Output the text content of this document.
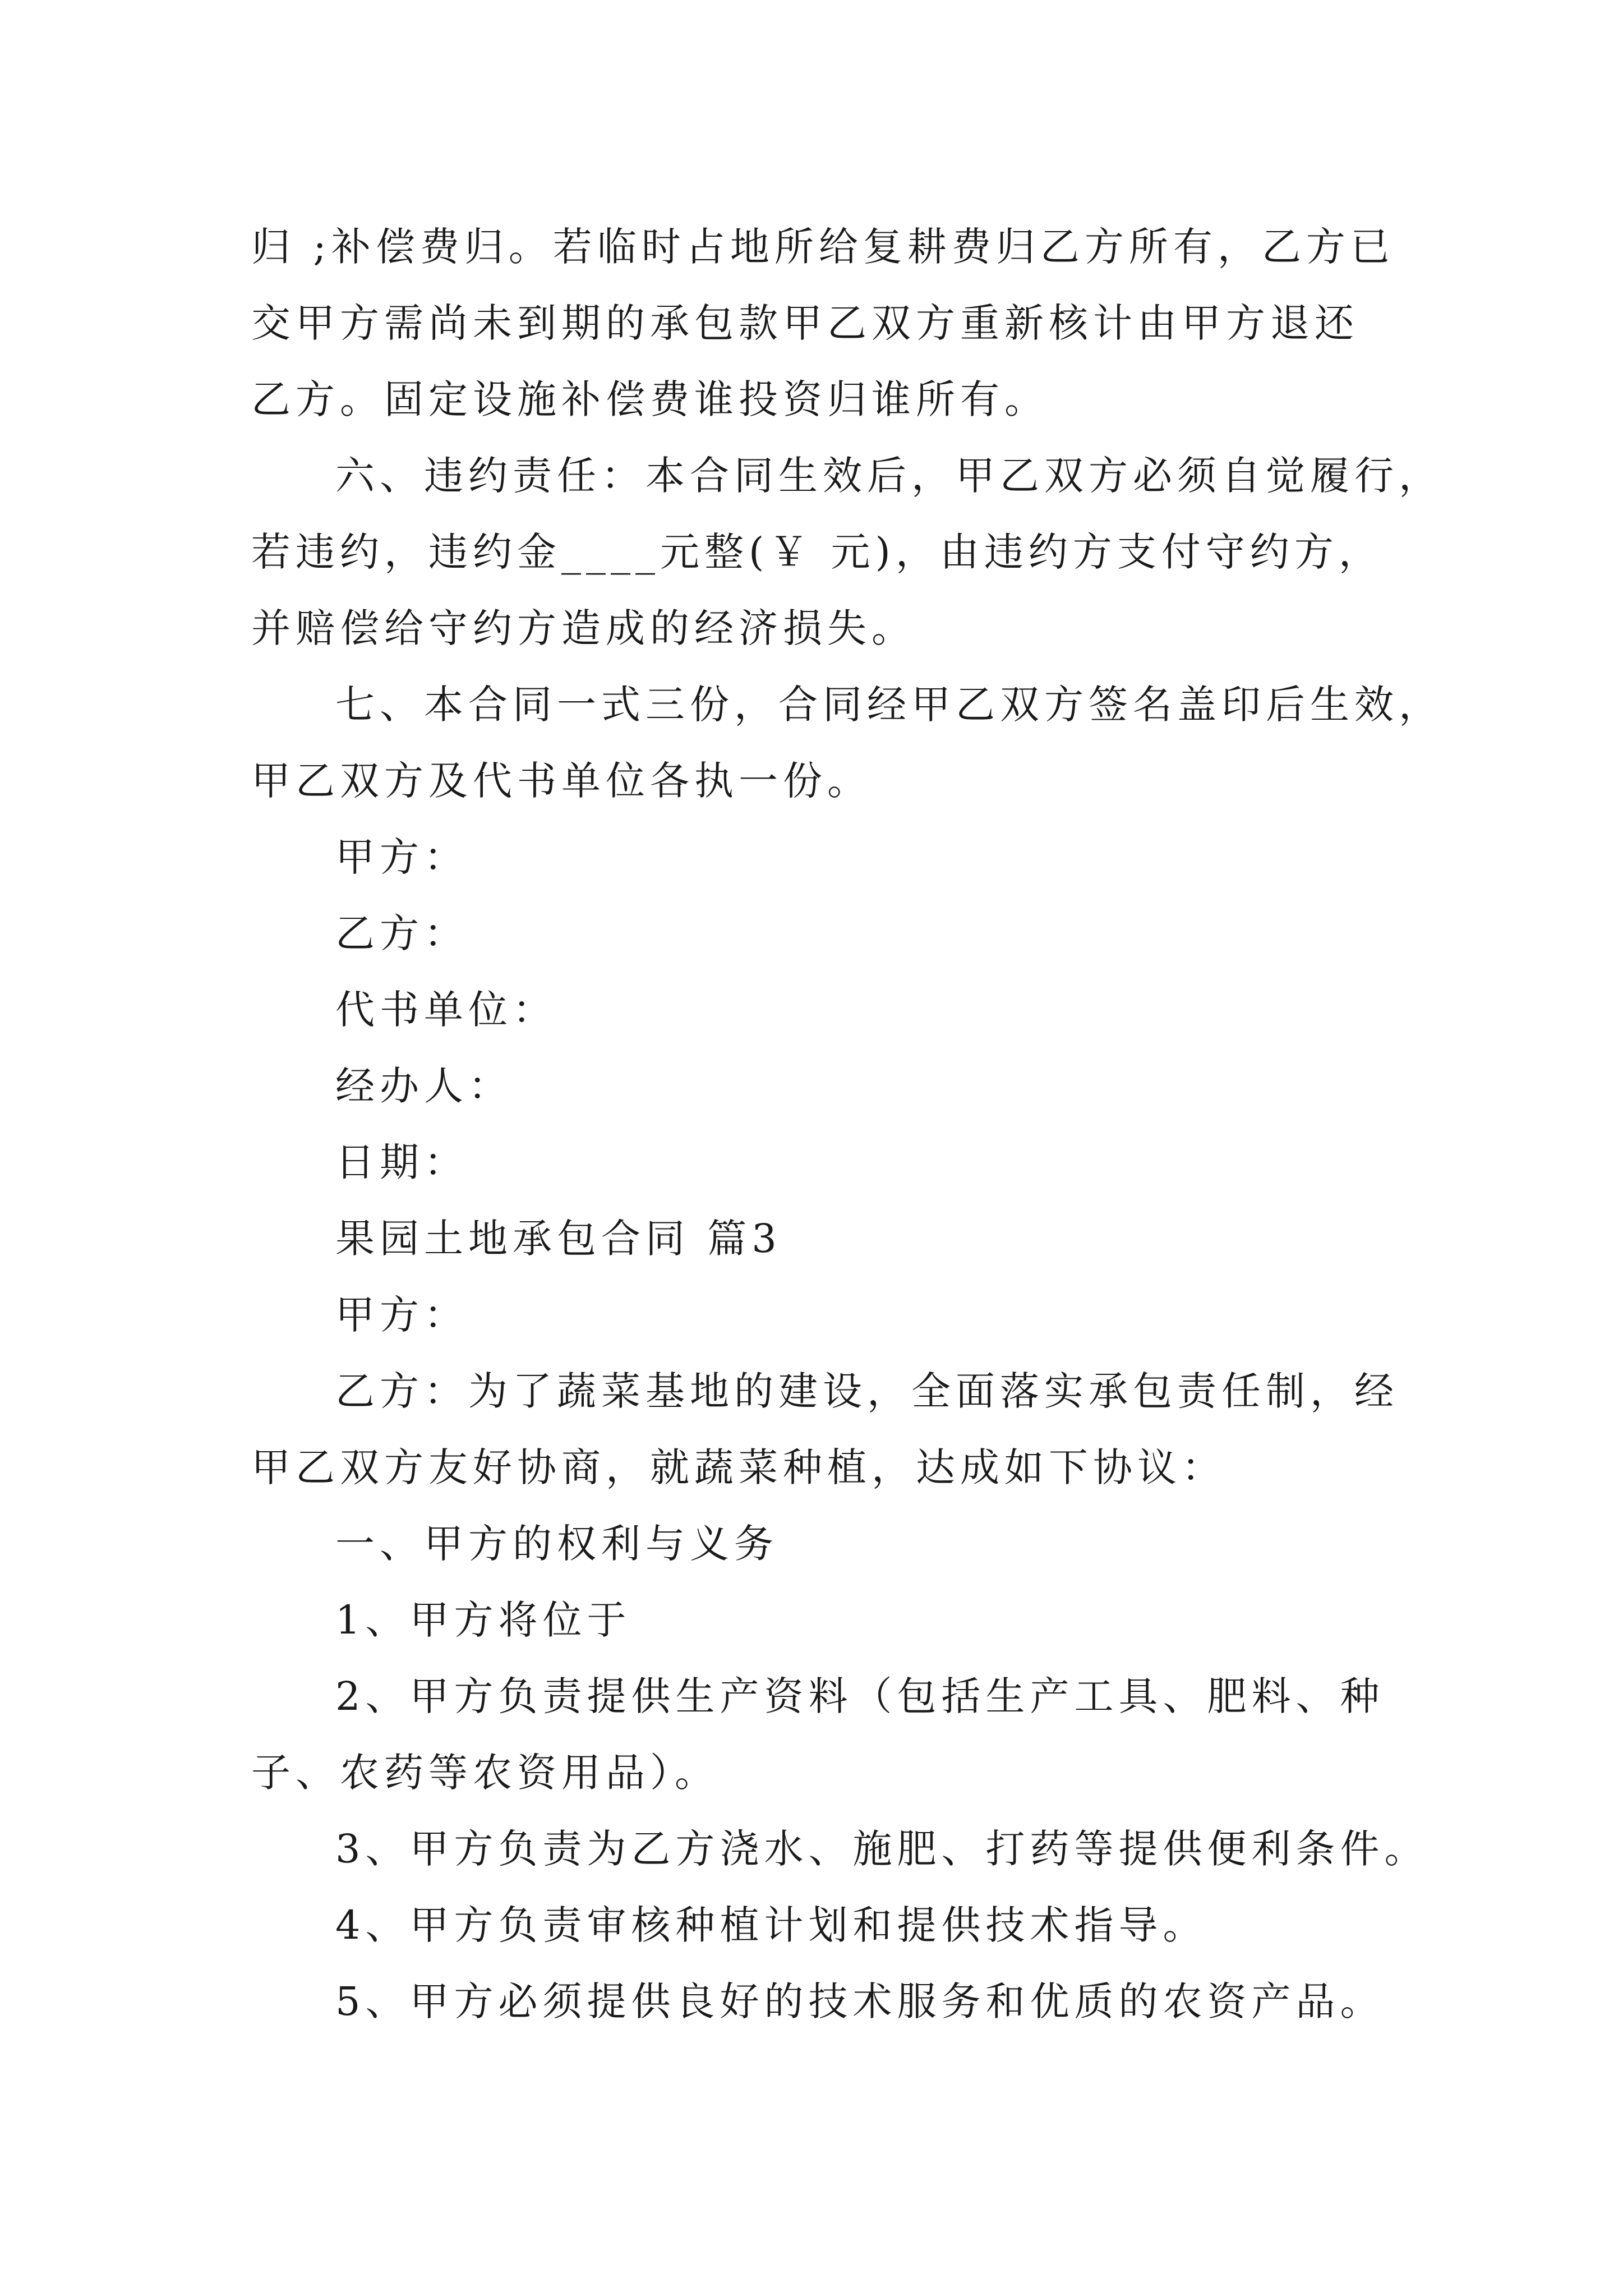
归 ;补偿费归。若临时占地所给复耕费归乙方所有，乙方已
交甲方需尚未到期的承包款甲乙双方重新核计由甲方退还
乙方。固定设施补偿费谁投资归谁所有。
六、违约责任：本合同生效后，甲乙双方必须自觉履行，
若违约，违约金____元整(￥ 元)，由违约方支付守约方，
并赔偿给守约方造成的经济损失。
七、本合同一式三份，合同经甲乙双方签名盖印后生效，
甲乙双方及代书单位各执一份。
甲方：
乙方：
代书单位：
经办人：
日期：
果园土地承包合同 篇3
甲方：
乙方：为了蔬菜基地的建设，全面落实承包责任制，经
甲乙双方友好协商，就蔬菜种植，达成如下协议：
一、甲方的权利与义务
1、甲方将位于
2、甲方负责提供生产资料（包括生产工具、肥料、种
子、农药等农资用品）。
3、甲方负责为乙方浇水、施肥、打药等提供便利条件。
4、甲方负责审核种植计划和提供技术指导。
5、甲方必须提供良好的技术服务和优质的农资产品。
